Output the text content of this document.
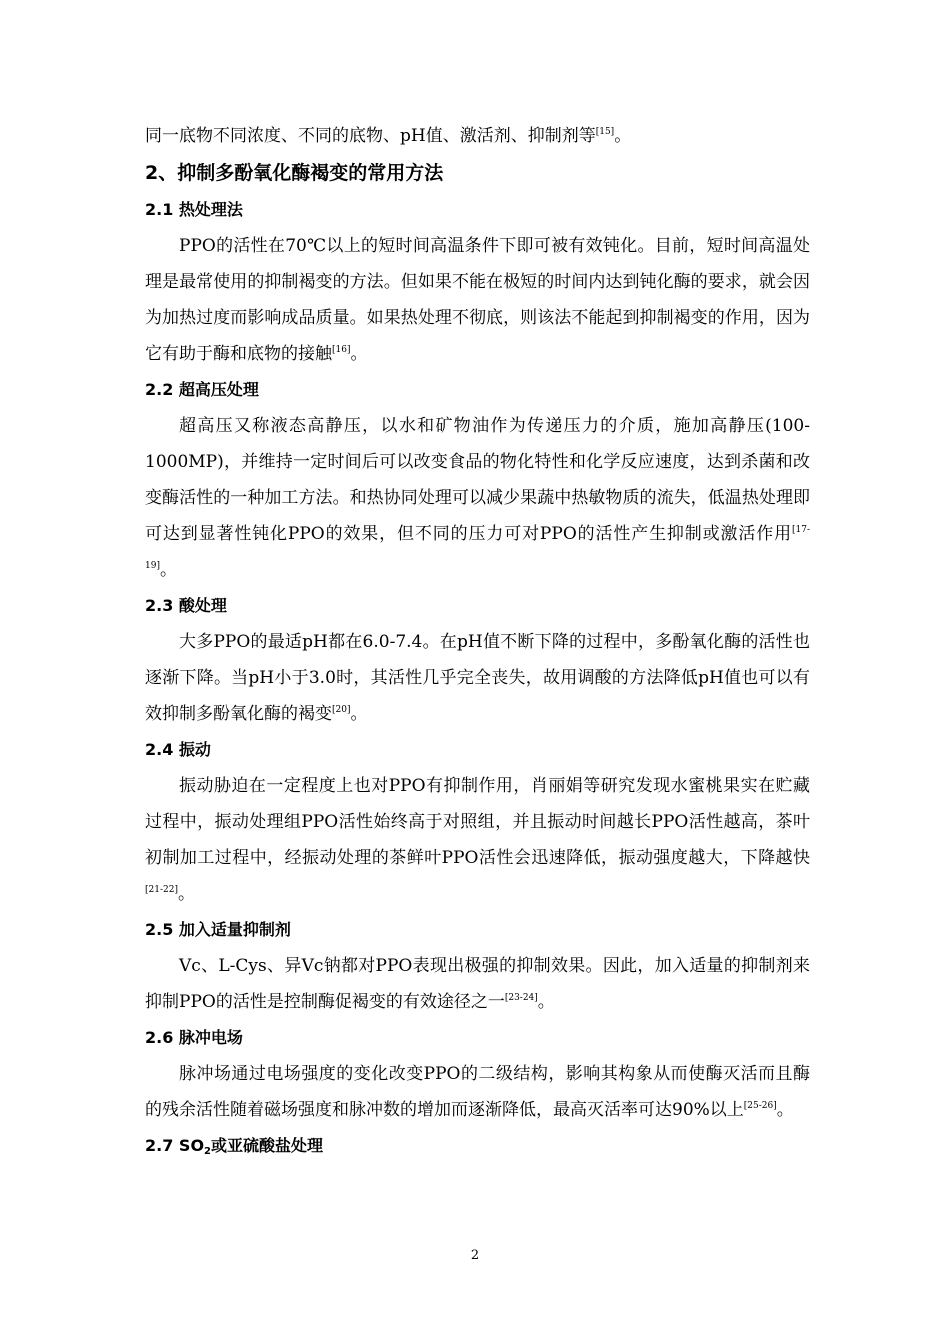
同一底物不同浓度、不同的底物、pH值、激活剂、抑制剂等[15]。

2、抑制多酚氧化酶褐变的常用方法
2.1 热处理法

PPO的活性在70℃以上的短时间高温条件下即可被有效钝化。目前，短时间高温处理是最常使用的抑制褐变的方法。但如果不能在极短的时间内达到钝化酶的要求，就会因为加热过度而影响成品质量。如果热处理不彻底，则该法不能起到抑制褐变的作用，因为它有助于酶和底物的接触[16]。

2.2 超高压处理

超高压又称液态高静压，以水和矿物油作为传递压力的介质，施加高静压(100-1000MP)，并维持一定时间后可以改变食品的物化特性和化学反应速度，达到杀菌和改变酶活性的一种加工方法。和热协同处理可以减少果蔬中热敏物质的流失，低温热处理即可达到显著性钝化PPO的效果，但不同的压力可对PPO的活性产生抑制或激活作用[17-19]。

2.3 酸处理

大多PPO的最适pH都在6.0-7.4。在pH值不断下降的过程中，多酚氧化酶的活性也逐渐下降。当pH小于3.0时，其活性几乎完全丧失，故用调酸的方法降低pH值也可以有效抑制多酚氧化酶的褐变[20]。

2.4 振动

振动胁迫在一定程度上也对PPO有抑制作用，肖丽娟等研究发现水蜜桃果实在贮藏过程中，振动处理组PPO活性始终高于对照组，并且振动时间越长PPO活性越高，茶叶初制加工过程中，经振动处理的茶鲜叶PPO活性会迅速降低，振动强度越大，下降越快[21-22]。

2.5 加入适量抑制剂

Vc、L-Cys、异Vc钠都对PPO表现出极强的抑制效果。因此，加入适量的抑制剂来抑制PPO的活性是控制酶促褐变的有效途径之一[23-24]。

2.6 脉冲电场

脉冲场通过电场强度的变化改变PPO的二级结构，影响其构象从而使酶灭活而且酶的残余活性随着磁场强度和脉冲数的增加而逐渐降低，最高灭活率可达90%以上[25-26]。

2.7 $SO_2$或亚硫酸盐处理
2
